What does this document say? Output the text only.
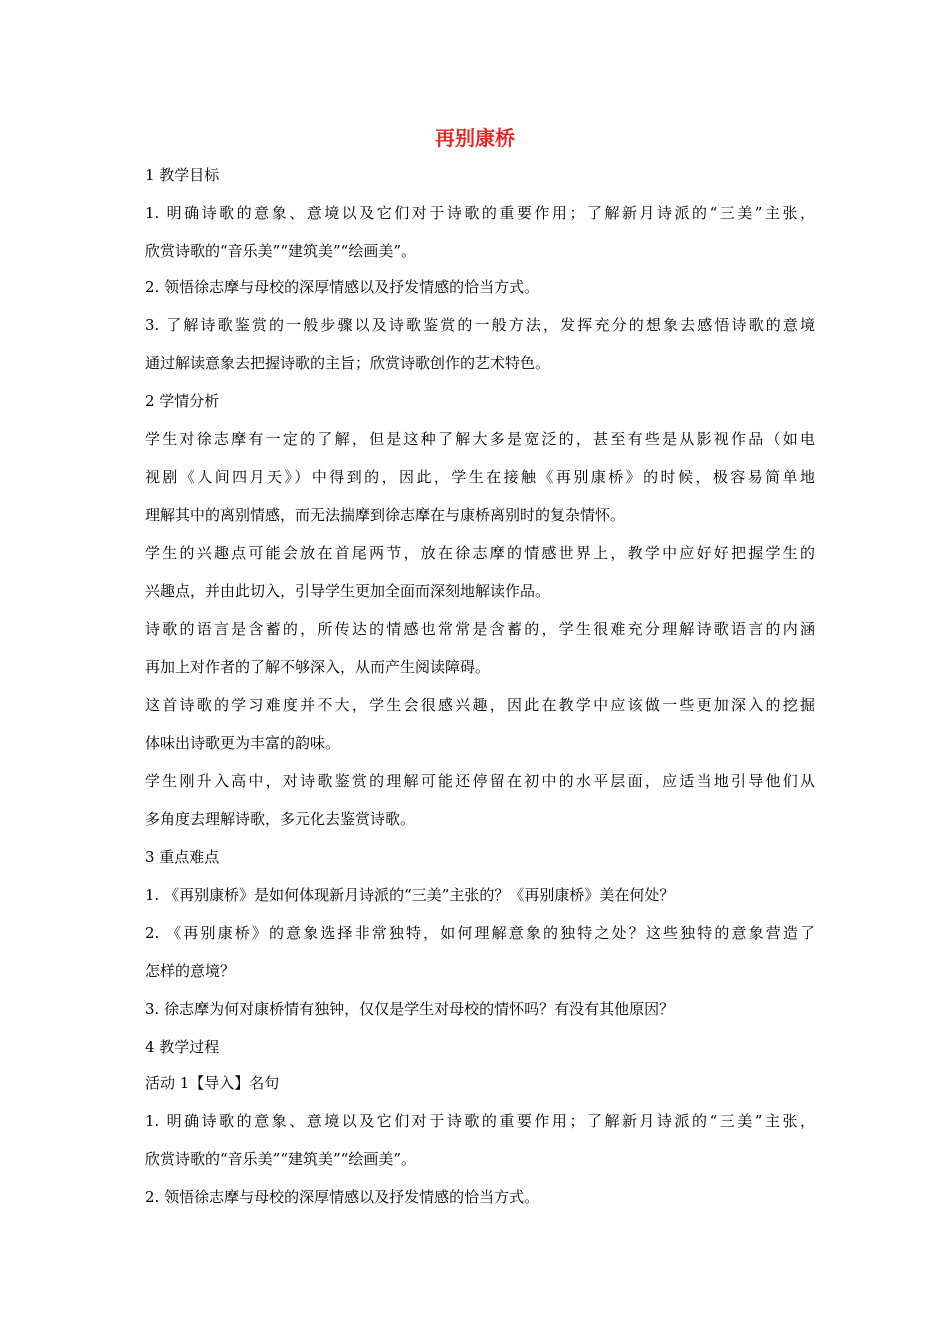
再别康桥
1 教学目标
1. 明确诗歌的意象、意境以及它们对于诗歌的重要作用；了解新月诗派的“三美”主张，
欣赏诗歌的“音乐美”“建筑美”“绘画美”。
2. 领悟徐志摩与母校的深厚情感以及抒发情感的恰当方式。
3. 了解诗歌鉴赏的一般步骤以及诗歌鉴赏的一般方法，发挥充分的想象去感悟诗歌的意境
通过解读意象去把握诗歌的主旨；欣赏诗歌创作的艺术特色。
2 学情分析
学生对徐志摩有一定的了解，但是这种了解大多是宽泛的，甚至有些是从影视作品（如电
视剧《人间四月天》）中得到的，因此，学生在接触《再别康桥》的时候，极容易简单地
理解其中的离别情感，而无法揣摩到徐志摩在与康桥离别时的复杂情怀。
学生的兴趣点可能会放在首尾两节，放在徐志摩的情感世界上，教学中应好好把握学生的
兴趣点，并由此切入，引导学生更加全面而深刻地解读作品。
诗歌的语言是含蓄的，所传达的情感也常常是含蓄的，学生很难充分理解诗歌语言的内涵
再加上对作者的了解不够深入，从而产生阅读障碍。
这首诗歌的学习难度并不大，学生会很感兴趣，因此在教学中应该做一些更加深入的挖掘
体味出诗歌更为丰富的韵味。
学生刚升入高中，对诗歌鉴赏的理解可能还停留在初中的水平层面，应适当地引导他们从
多角度去理解诗歌，多元化去鉴赏诗歌。
3 重点难点
1. 《再别康桥》是如何体现新月诗派的“三美”主张的？《再别康桥》美在何处？
2. 《再别康桥》的意象选择非常独特，如何理解意象的独特之处？这些独特的意象营造了
怎样的意境？
3. 徐志摩为何对康桥情有独钟，仅仅是学生对母校的情怀吗？有没有其他原因？
4 教学过程
活动 1【导入】名句
1. 明确诗歌的意象、意境以及它们对于诗歌的重要作用；了解新月诗派的“三美”主张，
欣赏诗歌的“音乐美”“建筑美”“绘画美”。
2. 领悟徐志摩与母校的深厚情感以及抒发情感的恰当方式。
